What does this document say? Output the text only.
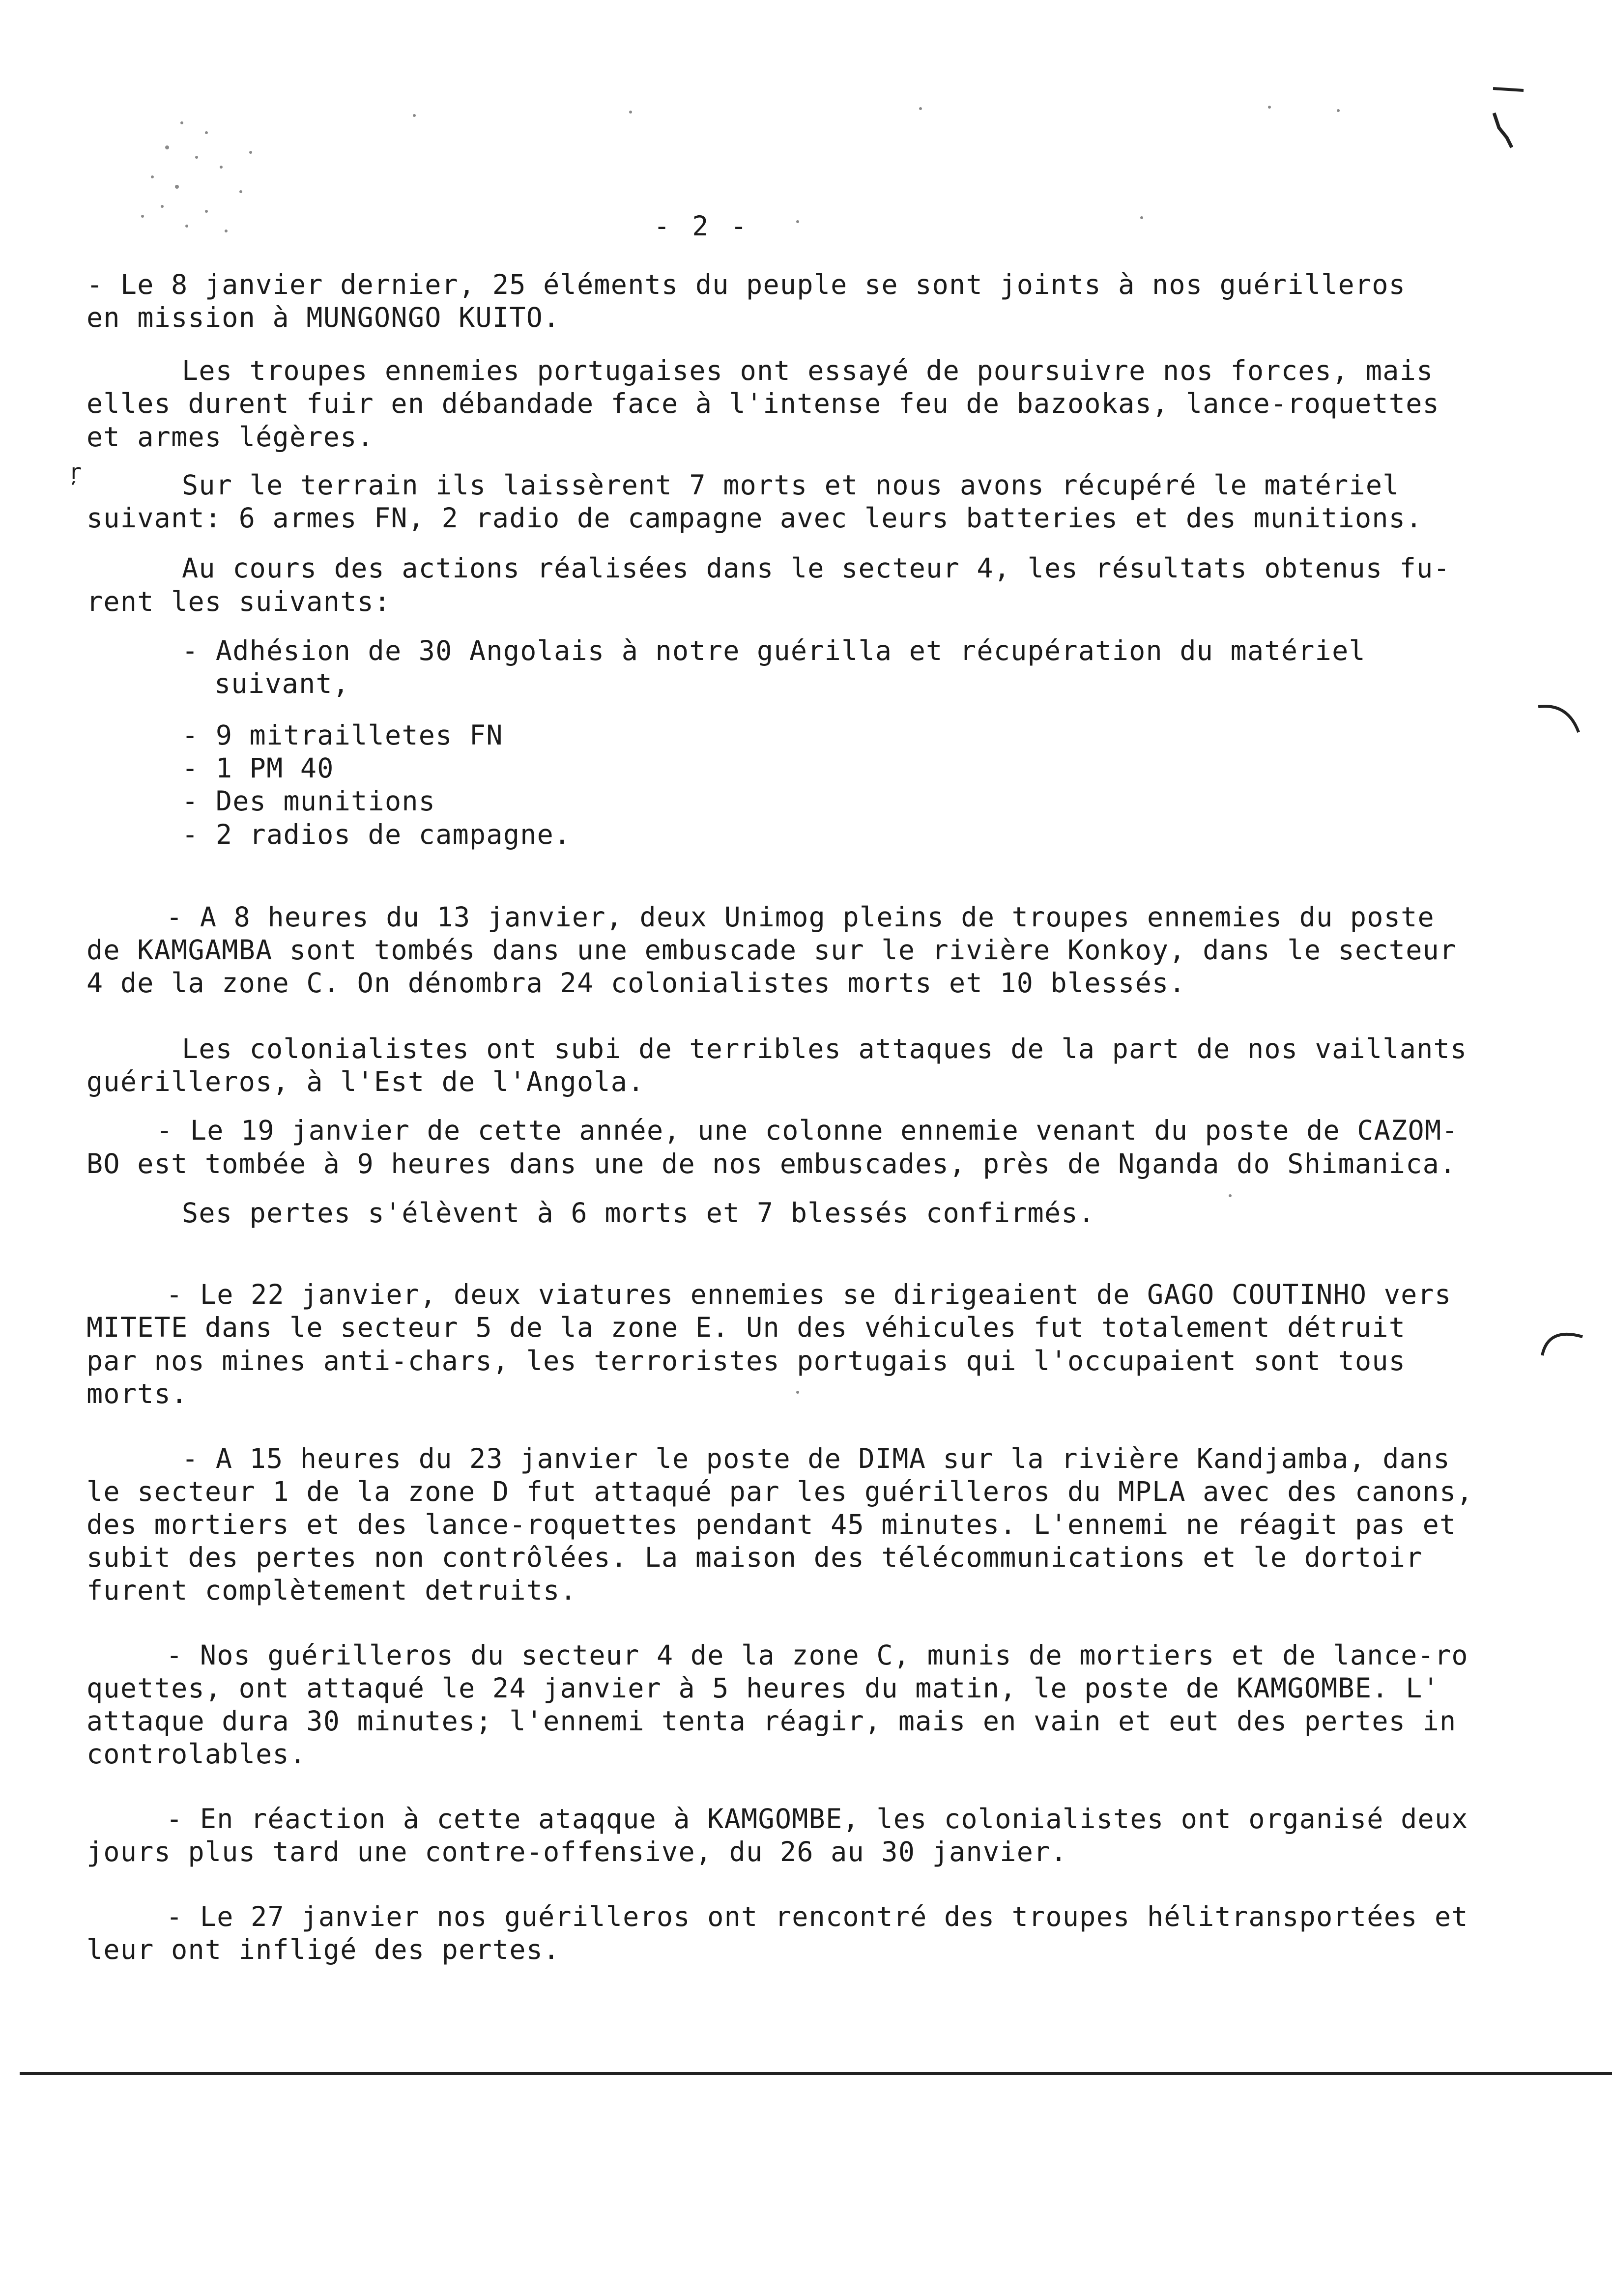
ŗ
- 2 -
- Le 8 janvier dernier, 25 éléments du peuple se sont joints à nos guérilleros
en mission à MUNGONGO KUITO.
Les troupes ennemies portugaises ont essayé de poursuivre nos forces, mais
elles durent fuir en débandade face à l'intense feu de bazookas, lance-roquettes
et armes légères.
Sur le terrain ils laissèrent 7 morts et nous avons récupéré le matériel
suivant: 6 armes FN, 2 radio de campagne avec leurs batteries et des munitions.
Au cours des actions réalisées dans le secteur 4, les résultats obtenus fu-
rent les suivants:
- Adhésion de 30 Angolais à notre guérilla et récupération du matériel
suivant,
- 9 mitrailletes FN
- 1 PM 40
- Des munitions
- 2 radios de campagne.
- A 8 heures du 13 janvier, deux Unimog pleins de troupes ennemies du poste
de KAMGAMBA sont tombés dans une embuscade sur le rivière Konkoy, dans le secteur
4 de la zone C. On dénombra 24 colonialistes morts et 10 blessés.
Les colonialistes ont subi de terribles attaques de la part de nos vaillants
guérilleros, à l'Est de l'Angola.
- Le 19 janvier de cette année, une colonne ennemie venant du poste de CAZOM-
BO est tombée à 9 heures dans une de nos embuscades, près de Nganda do Shimanica.
Ses pertes s'élèvent à 6 morts et 7 blessés confirmés.
- Le 22 janvier, deux viatures ennemies se dirigeaient de GAGO COUTINHO vers
MITETE dans le secteur 5 de la zone E. Un des véhicules fut totalement détruit
par nos mines anti-chars, les terroristes portugais qui l'occupaient sont tous
morts.
- A 15 heures du 23 janvier le poste de DIMA sur la rivière Kandjamba, dans
le secteur 1 de la zone D fut attaqué par les guérilleros du MPLA avec des canons,
des mortiers et des lance-roquettes pendant 45 minutes. L'ennemi ne réagit pas et
subit des pertes non contrôlées. La maison des télécommunications et le dortoir
furent complètement detruits.
- Nos guérilleros du secteur 4 de la zone C, munis de mortiers et de lance-ro
quettes, ont attaqué le 24 janvier à 5 heures du matin, le poste de KAMGOMBE. L'
attaque dura 30 minutes; l'ennemi tenta réagir, mais en vain et eut des pertes in
controlables.
- En réaction à cette ataqque à KAMGOMBE, les colonialistes ont organisé deux
jours plus tard une contre-offensive, du 26 au 30 janvier.
- Le 27 janvier nos guérilleros ont rencontré des troupes hélitransportées et
leur ont infligé des pertes.
